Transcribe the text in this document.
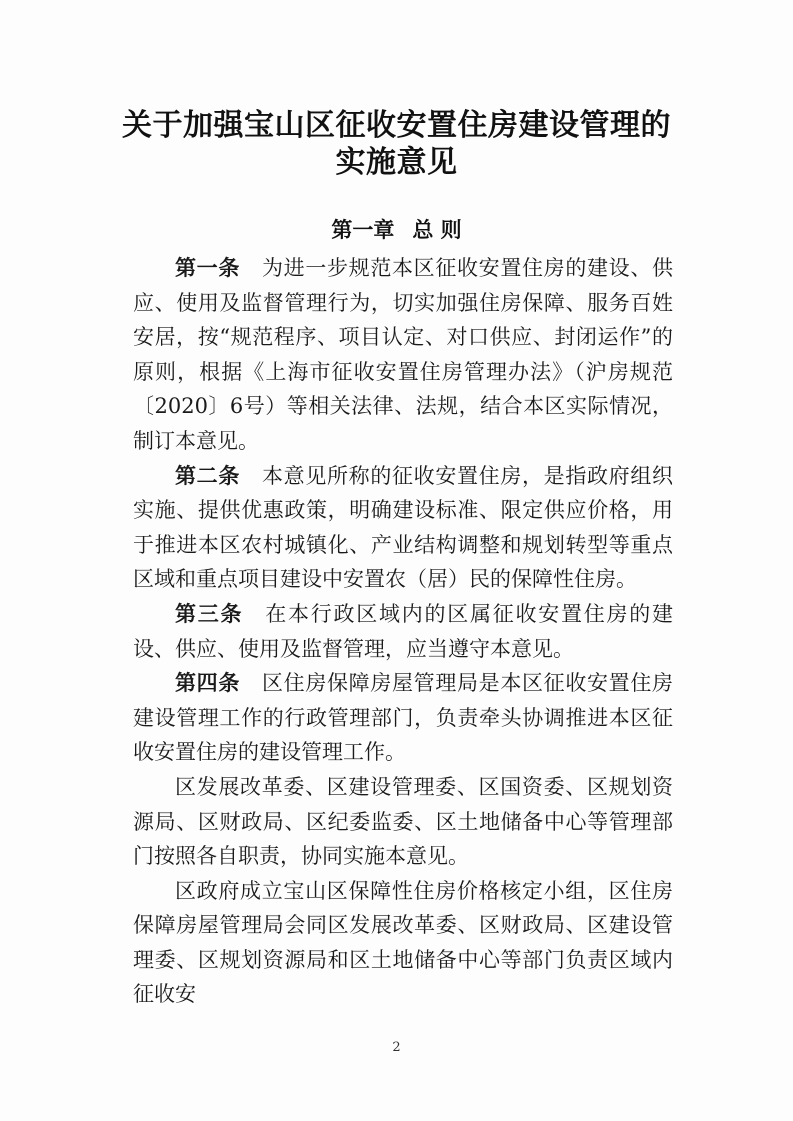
关于加强宝山区征收安置住房建设管理的
实施意见
第一章 总 则

第一条 为进一步规范本区征收安置住房的建设、供应、使用及监督管理行为，切实加强住房保障、服务百姓安居，按“规范程序、项目认定、对口供应、封闭运作”的原则，根据《上海市征收安置住房管理办法》（沪房规范〔2020〕6号）等相关法律、法规，结合本区实际情况，制订本意见。

第二条 本意见所称的征收安置住房，是指政府组织实施、提供优惠政策，明确建设标准、限定供应价格，用于推进本区农村城镇化、产业结构调整和规划转型等重点区域和重点项目建设中安置农（居）民的保障性住房。

第三条 在本行政区域内的区属征收安置住房的建设、供应、使用及监督管理，应当遵守本意见。

第四条 区住房保障房屋管理局是本区征收安置住房建设管理工作的行政管理部门，负责牵头协调推进本区征收安置住房的建设管理工作。

区发展改革委、区建设管理委、区国资委、区规划资源局、区财政局、区纪委监委、区土地储备中心等管理部门按照各自职责，协同实施本意见。

区政府成立宝山区保障性住房价格核定小组，区住房保障房屋管理局会同区发展改革委、区财政局、区建设管理委、区规划资源局和区土地储备中心等部门负责区域内征收安

2
